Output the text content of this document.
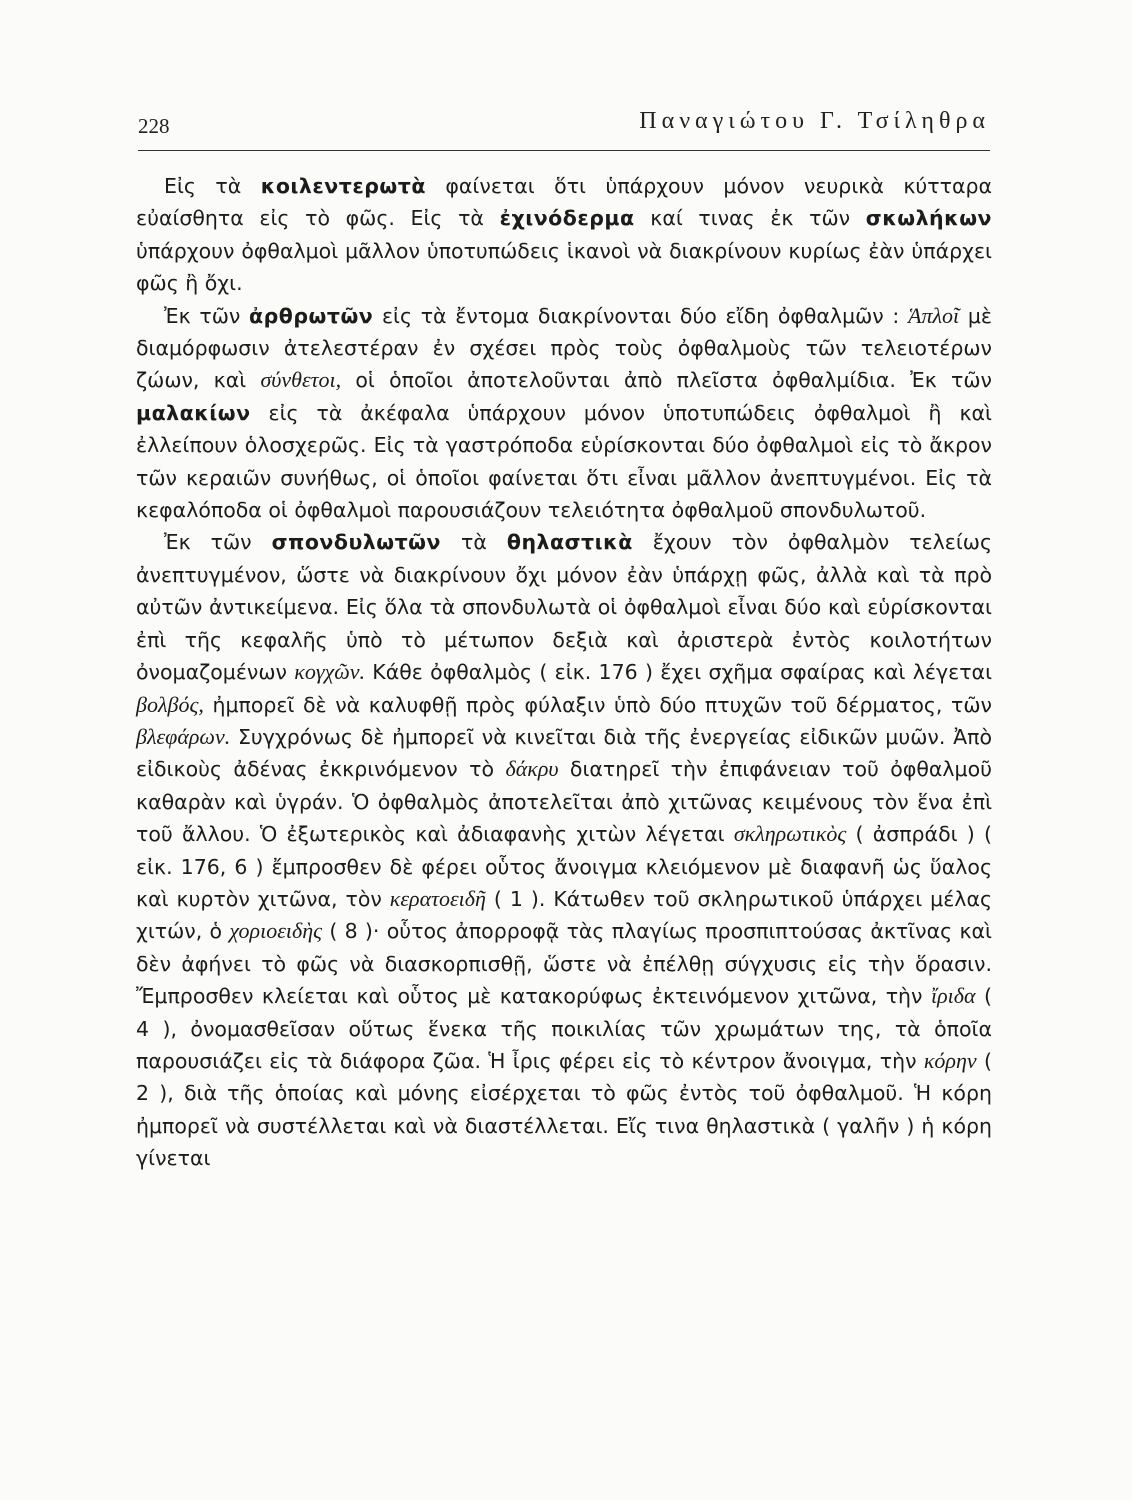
228	Παναγιώτου Γ. Τσίληθρα

Εἰς τὰ κοιλεντερωτὰ φαίνεται ὅτι ὑπάρχουν μόνον νευρικὰ κύτταρα εὐαίσθητα εἰς τὸ φῶς. Εἰς τὰ ἐχινόδερμα καί τινας ἐκ τῶν σκωλήκων ὑπάρχουν ὀφθαλμοὶ μᾶλλον ὑποτυπώδεις ἱκανοὶ νὰ διακρίνουν κυρίως ἐὰν ὑπάρχει φῶς ἢ ὄχι.

Ἐκ τῶν ἀρθρωτῶν εἰς τὰ ἔντομα διακρίνονται δύο εἴδη ὀφθαλμῶν : Ἁπλοῖ μὲ διαμόρφωσιν ἀτελεστέραν ἐν σχέσει πρὸς τοὺς ὀφθαλμοὺς τῶν τελειοτέρων ζώων, καὶ σύνθετοι, οἱ ὁποῖοι ἀποτελοῦνται ἀπὸ πλεῖστα ὀφθαλμίδια. Ἐκ τῶν μαλακίων εἰς τὰ ἀκέφαλα ὑπάρχουν μόνον ὑποτυπώδεις ὀφθαλμοὶ ἢ καὶ ἐλλείπουν ὁλοσχερῶς. Εἰς τὰ γαστρόποδα εὑρίσκονται δύο ὀφθαλμοὶ εἰς τὸ ἄκρον τῶν κεραιῶν συνήθως, οἱ ὁποῖοι φαίνεται ὅτι εἶναι μᾶλλον ἀνεπτυγμένοι. Εἰς τὰ κεφαλόποδα οἱ ὀφθαλμοὶ παρουσιάζουν τελειότητα ὀφθαλμοῦ σπονδυλωτοῦ.

Ἐκ τῶν σπονδυλωτῶν τὰ θηλαστικὰ ἔχουν τὸν ὀφθαλμὸν τελείως ἀνεπτυγμένον, ὥστε νὰ διακρίνουν ὄχι μόνον ἐὰν ὑπάρχῃ φῶς, ἀλλὰ καὶ τὰ πρὸ αὐτῶν ἀντικείμενα. Εἰς ὅλα τὰ σπονδυλωτὰ οἱ ὀφθαλμοὶ εἶναι δύο καὶ εὑρίσκονται ἐπὶ τῆς κεφαλῆς ὑπὸ τὸ μέτωπον δεξιὰ καὶ ἀριστερὰ ἐντὸς κοιλοτήτων ὀνομαζομένων κογχῶν. Κάθε ὀφθαλμὸς ( εἰκ. 176 ) ἔχει σχῆμα σφαίρας καὶ λέγεται βολβός, ἠμπορεῖ δὲ νὰ καλυφθῇ πρὸς φύλαξιν ὑπὸ δύο πτυχῶν τοῦ δέρματος, τῶν βλεφάρων. Συγχρόνως δὲ ἠμπορεῖ νὰ κινεῖται διὰ τῆς ἐνεργείας εἰδικῶν μυῶν. Ἀπὸ εἰδικοὺς ἀδένας ἐκκρινόμενον τὸ δάκρυ διατηρεῖ τὴν ἐπιφάνειαν τοῦ ὀφθαλμοῦ καθαρὰν καὶ ὑγράν. Ὁ ὀφθαλμὸς ἀποτελεῖται ἀπὸ χιτῶνας κειμένους τὸν ἕνα ἐπὶ τοῦ ἄλλου. Ὁ ἐξωτερικὸς καὶ ἀδιαφανὴς χιτὼν λέγεται σκληρωτικὸς ( ἀσπράδι ) ( εἰκ. 176, 6 ) ἔμπροσθεν δὲ φέρει οὗτος ἄνοιγμα κλειόμενον μὲ διαφανῆ ὡς ὕαλος καὶ κυρτὸν χιτῶνα, τὸν κερατοειδῆ ( 1 ). Κάτωθεν τοῦ σκληρωτικοῦ ὑπάρχει μέλας χιτών, ὁ χοριοειδὴς ( 8 )· οὗτος ἀπορροφᾷ τὰς πλαγίως προσπιπτούσας ἀκτῖνας καὶ δὲν ἀφήνει τὸ φῶς νὰ διασκορπισθῇ, ὥστε νὰ ἐπέλθῃ σύγχυσις εἰς τὴν ὅρασιν. Ἔμπροσθεν κλείεται καὶ οὗτος μὲ κατακορύφως ἐκτεινόμενον χιτῶνα, τὴν ἴριδα ( 4 ), ὀνομασθεῖσαν οὕτως ἕνεκα τῆς ποικιλίας τῶν χρωμάτων της, τὰ ὁποῖα παρουσιάζει εἰς τὰ διάφορα ζῶα. Ἡ ἶρις φέρει εἰς τὸ κέντρον ἄνοιγμα, τὴν κόρην ( 2 ), διὰ τῆς ὁποίας καὶ μόνης εἰσέρχεται τὸ φῶς ἐντὸς τοῦ ὀφθαλμοῦ. Ἡ κόρη ἠμπορεῖ νὰ συστέλλεται καὶ νὰ διαστέλλεται. Εἴς τινα θηλαστικὰ ( γαλῆν ) ἡ κόρη γίνεται
